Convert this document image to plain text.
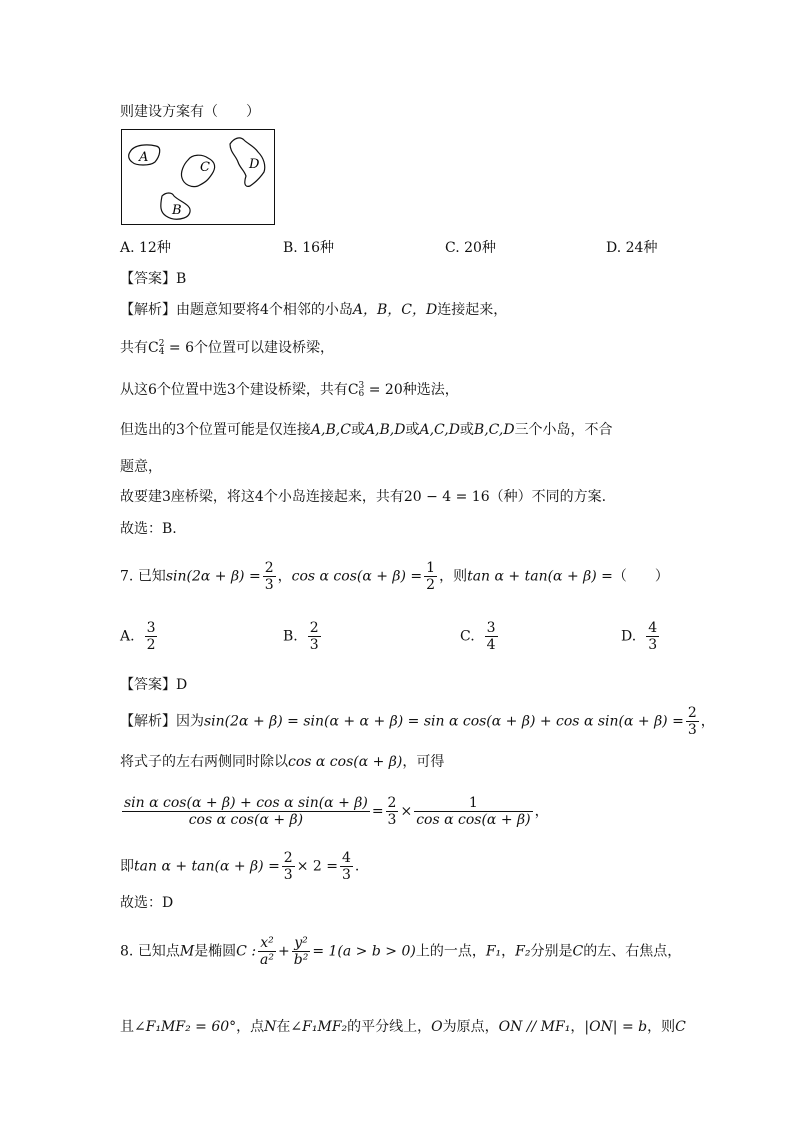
则建设方案有（　　）
A
C	D
B
A. 12种	B. 16种	C. 20种	D. 24种
【答案】B
【解析】由题意知要将4个相邻的小岛A，B，C，D连接起来，
共有C 2
4 = 6个位置可以建设桥梁，
从这6个位置中选3个建设桥梁，共有C 3
6 = 20种选法，
但选出的3个位置可能是仅连接A,B,C或A,B,D或A,C,D或B,C,D三个小岛，不合
题意，
故要建3座桥梁，将这4个小岛连接起来，共有20 − 4 = 16（种）不同的方案.
故选：B.
7. 已知$\sin(2\alpha + \beta) = \frac{2}{3}$ ，cos α $\cos(\alpha + \beta) = \frac{1}{2}$ ，则tan α + tan(α + β) =（　　）
A. $\frac{3}{2}$	B. $\frac{2}{3}$	C. $\frac{3}{4}$	D. $\frac{4}{3}$
【答案】D
【解析】因为sin(2α + β) = sin(α + α + β) = sin α cos(α + β) + cos α $\sin(\alpha + \beta) = \frac{2}{3}$ ，
将式子的左右两侧同时除以cos α cos(α + β)，可得
$\frac{\text{sin α cos(α + β) + cos α sin(α + β)}}{\text{cos α cos(α + β)}} = \frac{2}{3} \times \frac{1}{\text{cos α cos(α + β)}}$ ，
即$\tan \alpha + \tan(\alpha + \beta) = \frac{2}{3} \times 2 = \frac{4}{3}$ .
故选：D
8. 已知点M是椭圆C : $\frac{\text{x²}}{\text{a²}} + \frac{\text{y²}}{\text{b²}} = 1(a > b > 0)$上的一点，F₁，F₂分别是C的左、右焦点，
且∠F₁MF₂ = 60°，点N在∠F₁MF₂的平分线上，O为原点，ON // MF₁，|ON| = b，则C
